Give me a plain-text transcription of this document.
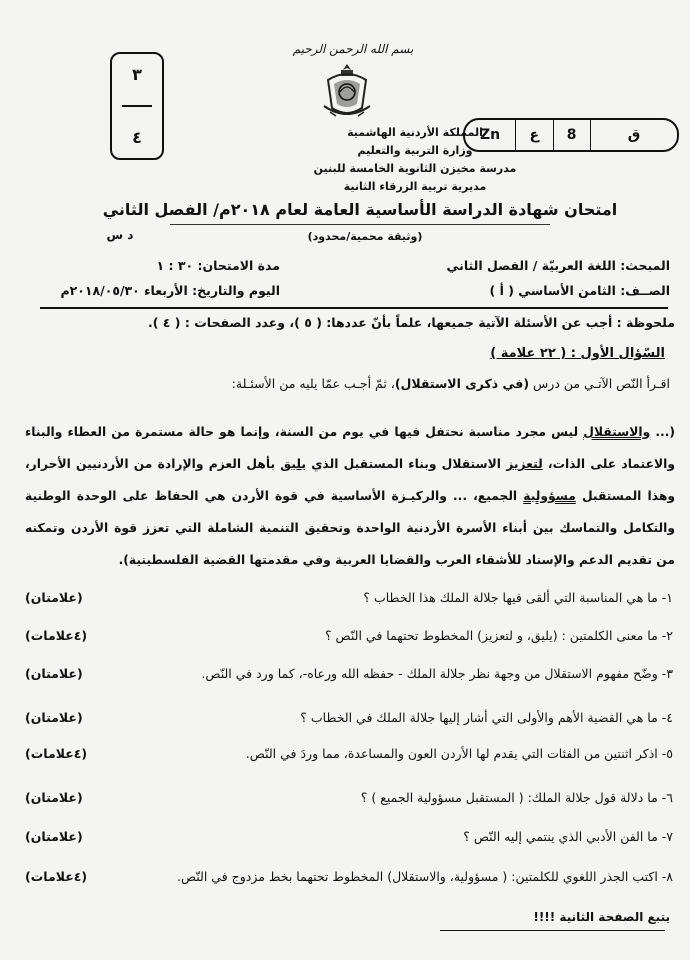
بسم الله الرحمن الرحيم
٣
٤	Zn	ع	8	ق
المملكة الأردنية الهاشمية
وزارة التربية والتعليم
مدرسة مخيزن الثانوية الخامسة للبنين
مديرية تربية الزرقاء الثانية
امتحان شهادة الدراسة الأساسية العامة لعام ٢٠١٨م/ الفصل الثاني
(وثيقة محمية/محدود)
د س
المبحث: اللغة العربيّة / الفصل الثاني
مدة الامتحان: ٣٠ : ١
الصــف: الثامن الأساسي ( أ )
اليوم والتاريخ: الأربعاء ٢٠١٨/٠٥/٣٠م
ملحوظة : أجب عن الأسئلة الآتية جميعها، علماً بأنّ عددها: ( ٥ )، وعدد الصفحات : ( ٤ ).
السّؤال الأول : ( ٢٢ علامة )
اقـرأ النّص الآتـي من درس (في ذكرى الاستقلال)، ثمّ أجـب عمّا يليه من الأسئـلة:
(... والاستقلال ليس مجرد مناسبة نحتفل فيها في يوم من السنة، وإنما هو حالة مستمرة من العطاء والبناء والاعتماد على الذات، لتعزيز الاستقلال وبناء المستقبل الذي يليق بأهل العزم والإرادة من الأردنيين الأحرار، وهذا المستقبل مسؤولية الجميع، ... والركيـزة الأساسية في قوة الأردن هي الحفاظ على الوحدة الوطنية والتكامل والتماسك بين أبناء الأسرة الأردنية الواحدة وتحقيق التنمية الشاملة التي تعزز قوة الأردن وتمكنه من تقديم الدعم والإسناد للأشقاء العرب والقضايا العربية وفي مقدمتها القضية الفلسطينية).
(علامتان)	١- ما هي المناسبة التي ألقى فيها جلالة الملك هذا الخطاب ؟
(٤علامات)	٢- ما معنى الكلمتين : (يليق، و لتعزيز) المخطوط تحتهما في النّص ؟
(علامتان)	٣- وضّح مفهوم الاستقلال من وجهة نظر جلالة الملك - حفظه الله ورعاه-، كما ورد في النّص.
(علامتان)	٤- ما هي القضية الأهم والأولى التي أشار إليها جلالة الملك في الخطاب ؟
(٤علامات)	٥- اذكر اثنتين من الفئات التي يقدم لها الأردن العون والمساعدة، مما وردَ في النّص.
(علامتان)	٦- ما دلالة قول جلالة الملك: ( المستقبل مسؤولية الجميع ) ؟
(علامتان)	٧- ما الفن الأدبي الذي ينتمي إليه النّص ؟
(٤علامات)	٨- اكتب الجذر اللغوي للكلمتين: ( مسؤولية، والاستقلال) المخطوط تحتهما بخط مزدوج في النّص.
يتبع الصفحة الثانية !!!!
